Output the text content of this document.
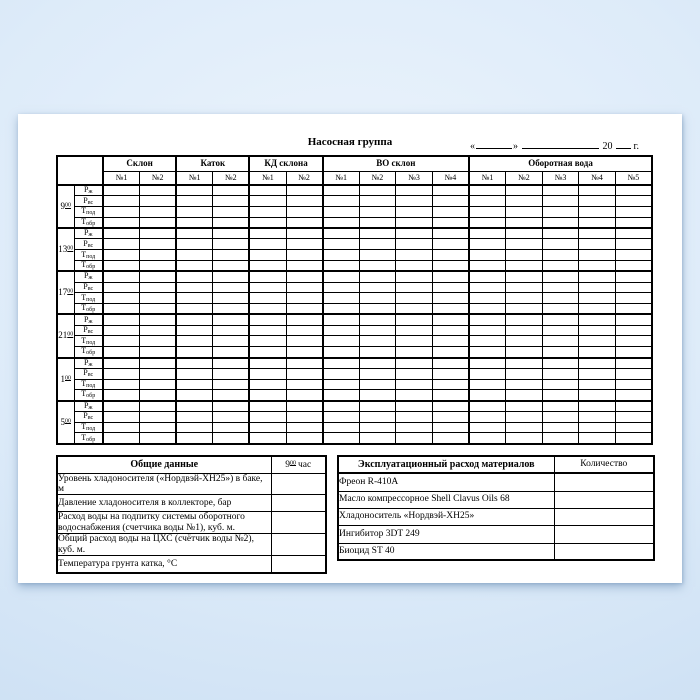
Насосная группа	«	»	20 г.
		Склон		Каток		КД склона		ВО склон				Оборотная вода				
		№1	№2	№1	№2	№1	№2	№1	№2	№3	№4	№1	№2	№3	№4	№5
$9^{00}$	Рж															
	Рвс															
	Тпод															
	Тобр															
$13^{00}$	Рж															
	Рвс															
	Тпод															
	Тобр															
$17^{00}$	Рж															
	Рвс															
	Тпод															
	Тобр															
$21^{00}$	Рж															
	Рвс															
	Тпод															
	Тобр															
$1^{00}$	Рж															
	Рвс															
	Тпод															
	Тобр															
$5^{00}$	Рж															
	Рвс															
	Тпод															
	Тобр															
Общие данные	$9^{00}$ час
Уровень хладоносителя («Нордвэй-ХН25») в баке, м	
Давление хладоносителя в коллекторе, бар	
Расход воды на подпитку системы оборотного водоснабжения (счетчика воды №1), куб. м.	
Общий расход воды на ЦХС (счётчик воды №2), куб. м.	
Температура грунта катка, °С	
Эксплуатационный расход материалов	Количество
Фреон R-410A	
Масло компрессорное Shell Clavus Oils 68	
Хладоноситель «Нордвэй-ХН25»	
Ингибитор 3DT 249	
Биоцид ST 40	
